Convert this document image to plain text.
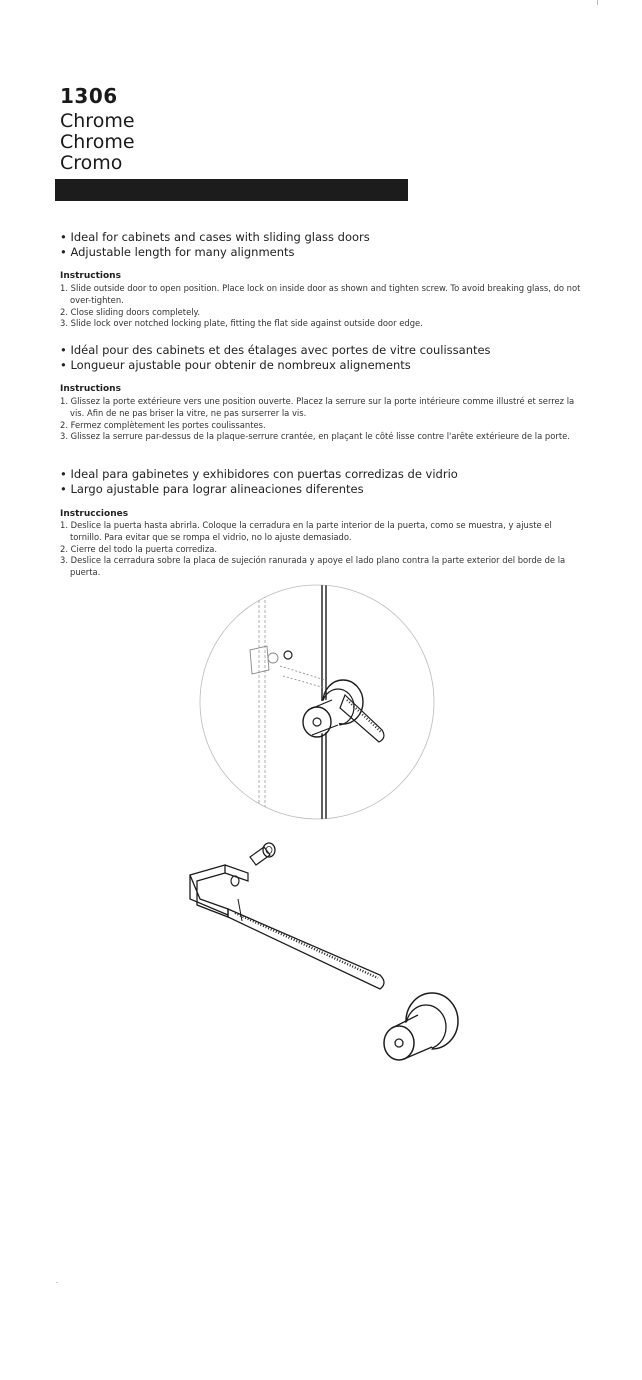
1306
Chrome
Chrome
Cromo
• Ideal for cabinets and cases with sliding glass doors
• Adjustable length for many alignments
Instructions
1. Slide outside door to open position. Place lock on inside door as shown and tighten screw. To avoid breaking glass, do not over-tighten.
2. Close sliding doors completely.
3. Slide lock over notched locking plate, fitting the flat side against outside door edge.
• Idéal pour des cabinets et des étalages avec portes de vitre coulissantes
• Longueur ajustable pour obtenir de nombreux alignements
Instructions
1. Glissez la porte extérieure vers une position ouverte. Placez la serrure sur la porte intérieure comme illustré et serrez la vis. Afin de ne pas briser la vitre, ne pas surserrer la vis.
2. Fermez complètement les portes coulissantes.
3. Glissez la serrure par-dessus de la plaque-serrure crantée, en plaçant le côté lisse contre l'arête extérieure de la porte.
• Ideal para gabinetes y exhibidores con puertas corredizas de vidrio
• Largo ajustable para lograr alineaciones diferentes
Instrucciones
1. Deslice la puerta hasta abrirla. Coloque la cerradura en la parte interior de la puerta, como se muestra, y ajuste el tornillo. Para evitar que se rompa el vidrio, no lo ajuste demasiado.
2. Cierre del todo la puerta corrediza.
3. Deslice la cerradura sobre la placa de sujeción ranurada y apoye el lado plano contra la parte exterior del borde de la puerta.
